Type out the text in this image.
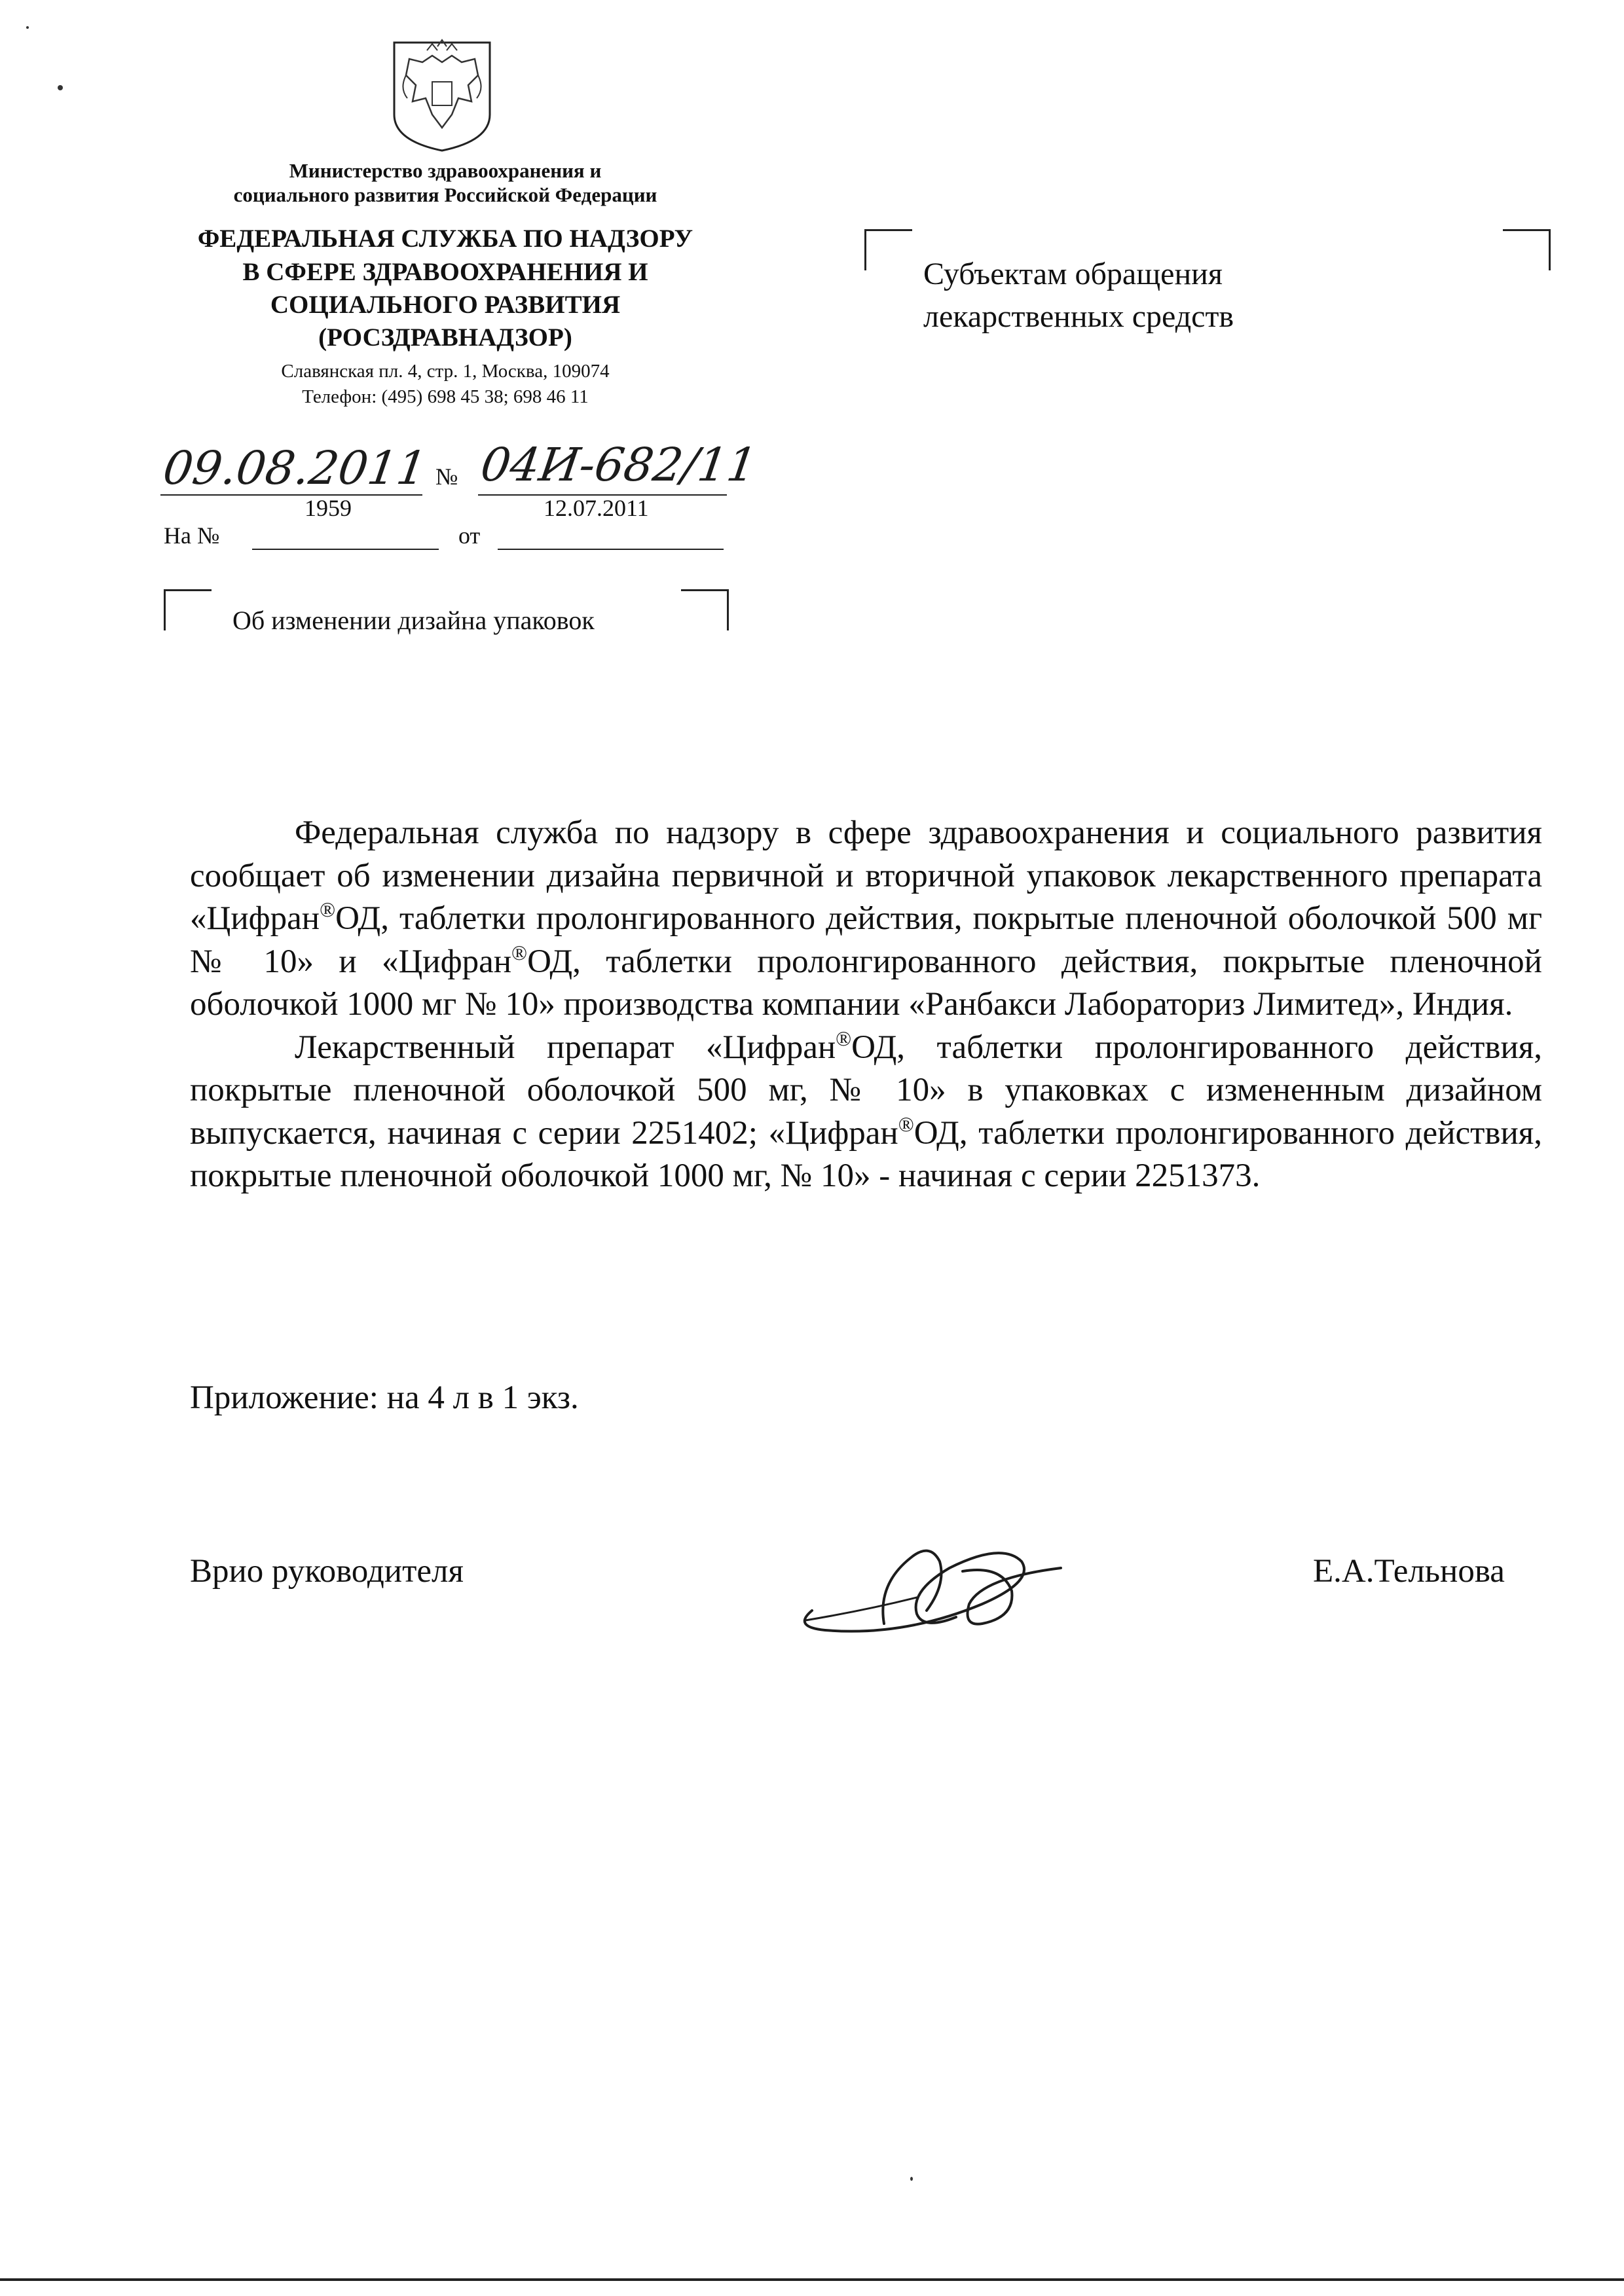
Министерство здравоохранения и
социального развития Российской Федерации
ФЕДЕРАЛЬНАЯ СЛУЖБА ПО НАДЗОРУ
В СФЕРЕ ЗДРАВООХРАНЕНИЯ И
СОЦИАЛЬНОГО РАЗВИТИЯ
(РОСЗДРАВНАДЗОР)
Славянская пл. 4, стр. 1, Москва, 109074
Телефон: (495) 698 45 38; 698 46 11
Субъектам обращения
лекарственных средств
09.08.2011 № 04И-682/11
1959	12.07.2011
На №	от
Об изменении дизайна упаковок

Федеральная служба по надзору в сфере здравоохранения и социального развития сообщает об изменении дизайна первичной и вторичной упаковок лекарственного препарата «Цифран®ОД, таблетки пролонгированного действия, покрытые пленочной оболочкой 500 мг № 10» и «Цифран®ОД, таблетки пролонгированного действия, покрытые пленочной оболочкой 1000 мг № 10» производства компании «Ранбакси Лабораториз Лимитед», Индия.

Лекарственный препарат «Цифран®ОД, таблетки пролонгированного действия, покрытые пленочной оболочкой 500 мг, № 10» в упаковках с измененным дизайном выпускается, начиная с серии 2251402; «Цифран®ОД, таблетки пролонгированного действия, покрытые пленочной оболочкой 1000 мг, № 10» - начиная с серии 2251373.

Приложение: на 4 л в 1 экз.
Врио руководителя	Е.А.Тельнова
